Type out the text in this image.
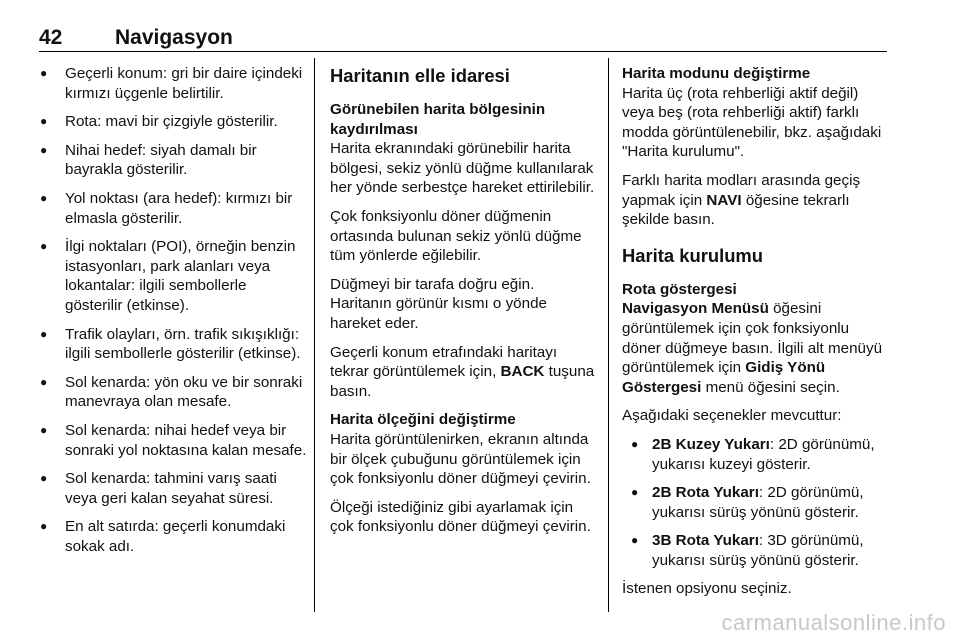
42	Navigasyon
● Geçerli konum: gri bir daire içindeki kırmızı üçgenle belirtilir.
● Rota: mavi bir çizgiyle gösterilir.
● Nihai hedef: siyah damalı bir bayrakla gösterilir.
● Yol noktası (ara hedef): kırmızı bir elmasla gösterilir.
● İlgi noktaları (POI), örneğin benzin istasyonları, park alanları veya lokantalar: ilgili sembollerle gösterilir (etkinse).
● Trafik olayları, örn. trafik sıkışıklığı: ilgili sembollerle gösterilir (etkinse).
● Sol kenarda: yön oku ve bir sonraki manevraya olan mesafe.
● Sol kenarda: nihai hedef veya bir sonraki yol noktasına kalan mesafe.
● Sol kenarda: tahmini varış saati veya geri kalan seyahat süresi.
● En alt satırda: geçerli konumdaki sokak adı.
Haritanın elle idaresi
Görünebilen harita bölgesinin kaydırılması

Harita ekranındaki görünebilir harita bölgesi, sekiz yönlü düğme kullanılarak her yönde serbestçe hareket ettirilebilir.

Çok fonksiyonlu döner düğmenin ortasında bulunan sekiz yönlü düğme tüm yönlerde eğilebilir.

Düğmeyi bir tarafa doğru eğin. Haritanın görünür kısmı o yönde hareket eder.

Geçerli konum etrafındaki haritayı tekrar görüntülemek için, BACK tuşuna basın.

Harita ölçeğini değiştirme

Harita görüntülenirken, ekranın altında bir ölçek çubuğunu görüntülemek için çok fonksiyonlu döner düğmeyi çevirin.

Ölçeği istediğiniz gibi ayarlamak için çok fonksiyonlu döner düğmeyi çevirin.

Harita modunu değiştirme

Harita üç (rota rehberliği aktif değil) veya beş (rota rehberliği aktif) farklı modda görüntülenebilir, bkz. aşağıdaki "Harita kurulumu".

Farklı harita modları arasında geçiş yapmak için NAVI öğesine tekrarlı şekilde basın.

Harita kurulumu
Rota göstergesi

Navigasyon Menüsü öğesini görüntülemek için çok fonksiyonlu döner düğmeye basın. İlgili alt menüyü görüntülemek için Gidiş Yönü Göstergesi menü öğesini seçin.

Aşağıdaki seçenekler mevcuttur:

● 2B Kuzey Yukarı: 2D görünümü, yukarısı kuzeyi gösterir.
● 2B Rota Yukarı: 2D görünümü, yukarısı sürüş yönünü gösterir.
● 3B Rota Yukarı: 3D görünümü, yukarısı sürüş yönünü gösterir.

İstenen opsiyonu seçiniz.

carmanualsonline.info
